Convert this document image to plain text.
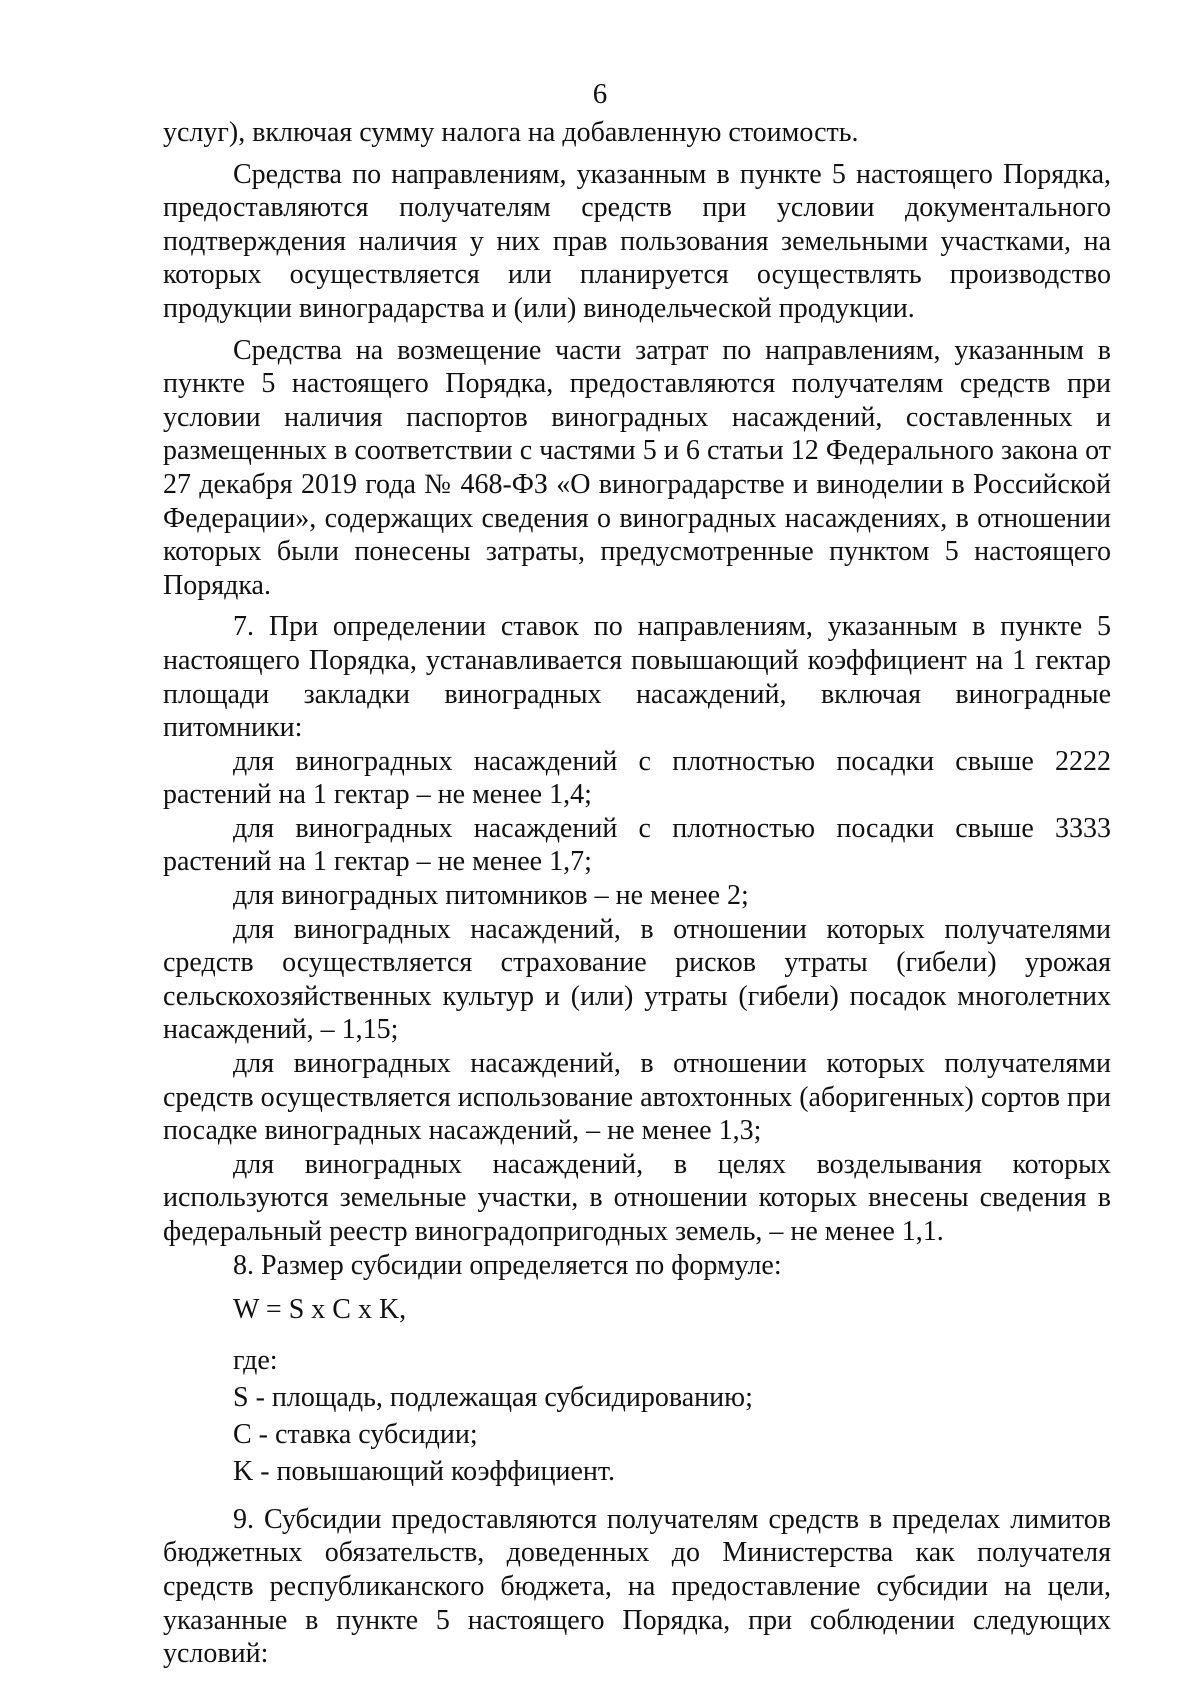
6

услуг), включая сумму налога на добавленную стоимость.

Средства по направлениям, указанным в пункте 5 настоящего Порядка, предоставляются получателям средств при условии документального подтверждения наличия у них прав пользования земельными участками, на которых осуществляется или планируется осуществлять производство продукции виноградарства и (или) винодельческой продукции.

Средства на возмещение части затрат по направлениям, указанным в пункте 5 настоящего Порядка, предоставляются получателям средств при условии наличия паспортов виноградных насаждений, составленных и размещенных в соответствии с частями 5 и 6 статьи 12 Федерального закона от 27 декабря 2019 года № 468-ФЗ «О виноградарстве и виноделии в Российской Федерации», содержащих сведения о виноградных насаждениях, в отношении которых были понесены затраты, предусмотренные пунктом 5 настоящего Порядка.

7. При определении ставок по направлениям, указанным в пункте 5 настоящего Порядка, устанавливается повышающий коэффициент на 1 гектар площади закладки виноградных насаждений, включая виноградные питомники:

для виноградных насаждений с плотностью посадки свыше 2222 растений на 1 гектар – не менее 1,4;

для виноградных насаждений с плотностью посадки свыше 3333 растений на 1 гектар – не менее 1,7;

для виноградных питомников – не менее 2;

для виноградных насаждений, в отношении которых получателями средств осуществляется страхование рисков утраты (гибели) урожая сельскохозяйственных культур и (или) утраты (гибели) посадок многолетних насаждений, – 1,15;

для виноградных насаждений, в отношении которых получателями средств осуществляется использование автохтонных (аборигенных) сортов при посадке виноградных насаждений, – не менее 1,3;

для виноградных насаждений, в целях возделывания которых используются земельные участки, в отношении которых внесены сведения в федеральный реестр виноградопригодных земель, – не менее 1,1.

8. Размер субсидии определяется по формуле:

W = S x C x K,

где:

S - площадь, подлежащая субсидированию;

C - ставка субсидии;

K - повышающий коэффициент.

9. Субсидии предоставляются получателям средств в пределах лимитов бюджетных обязательств, доведенных до Министерства как получателя средств республиканского бюджета, на предоставление субсидии на цели, указанные в пункте 5 настоящего Порядка, при соблюдении следующих условий:
